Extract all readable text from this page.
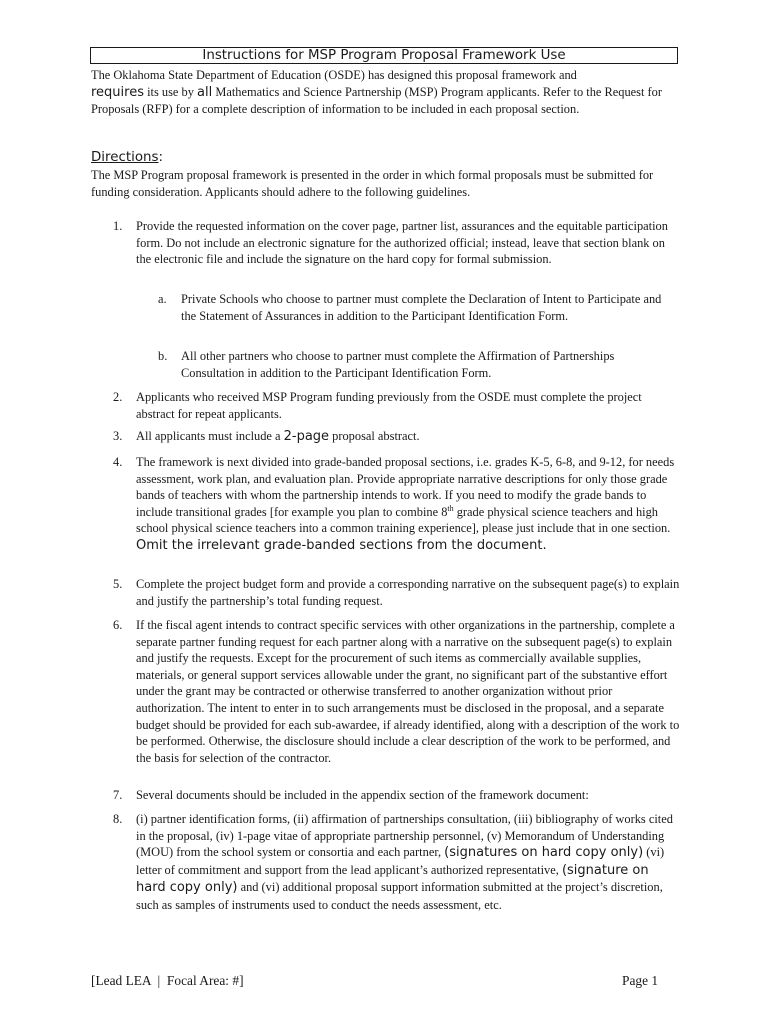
Instructions for MSP Program Proposal Framework Use
The Oklahoma State Department of Education (OSDE) has designed this proposal framework and
requires its use by all Mathematics and Science Partnership (MSP) Program applicants. Refer to the Request for Proposals (RFP) for a complete description of information to be included in each proposal section.
Directions:
The MSP Program proposal framework is presented in the order in which formal proposals must be submitted for funding consideration. Applicants should adhere to the following guidelines.
1. Provide the requested information on the cover page, partner list, assurances and the equitable participation form. Do not include an electronic signature for the authorized official; instead, leave that section blank on the electronic file and include the signature on the hard copy for formal submission.
a. Private Schools who choose to partner must complete the Declaration of Intent to Participate and the Statement of Assurances in addition to the Participant Identification Form.
b. All other partners who choose to partner must complete the Affirmation of Partnerships Consultation in addition to the Participant Identification Form.
2. Applicants who received MSP Program funding previously from the OSDE must complete the project abstract for repeat applicants.
3. All applicants must include a 2-page proposal abstract.
4. The framework is next divided into grade-banded proposal sections, i.e. grades K-5, 6-8, and 9-12, for needs assessment, work plan, and evaluation plan. Provide appropriate narrative descriptions for only those grade bands of teachers with whom the partnership intends to work. If you need to modify the grade bands to include transitional grades [for example you plan to combine 8th grade physical science teachers and high school physical science teachers into a common training experience], please just include that in one section. Omit the irrelevant grade-banded sections from the document.
5. Complete the project budget form and provide a corresponding narrative on the subsequent page(s) to explain and justify the partnership’s total funding request.
6. If the fiscal agent intends to contract specific services with other organizations in the partnership, complete a separate partner funding request for each partner along with a narrative on the subsequent page(s) to explain and justify the requests. Except for the procurement of such items as commercially available supplies, materials, or general support services allowable under the grant, no significant part of the substantive effort under the grant may be contracted or otherwise transferred to another organization without prior authorization. The intent to enter in to such arrangements must be disclosed in the proposal, and a separate budget should be provided for each sub-awardee, if already identified, along with a description of the work to be performed. Otherwise, the disclosure should include a clear description of the work to be performed, and the basis for selection of the contractor.
7. Several documents should be included in the appendix section of the framework document:
8. (i) partner identification forms, (ii) affirmation of partnerships consultation, (iii) bibliography of works cited in the proposal, (iv) 1-page vitae of appropriate partnership personnel, (v) Memorandum of Understanding (MOU) from the school system or consortia and each partner, (signatures on hard copy only) (vi) letter of commitment and support from the lead applicant’s authorized representative, (signature on hard copy only) and (vi) additional proposal support information submitted at the project’s discretion, such as samples of instruments used to conduct the needs assessment, etc.
[Lead LEA  |  Focal Area: #]	Page 1
